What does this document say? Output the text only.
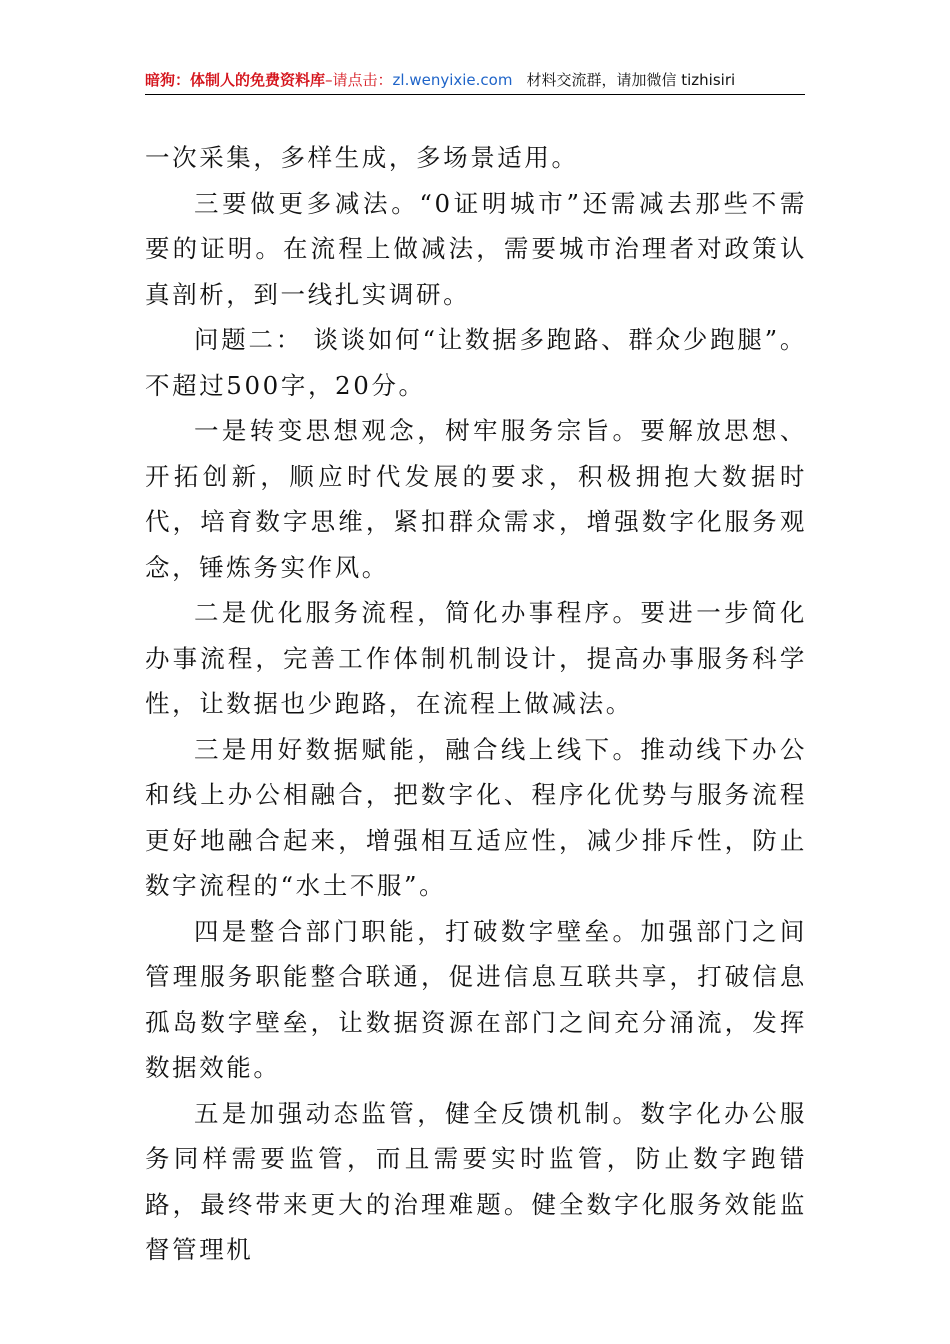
暗狗：体制人的免费资料库–请点击：zl.wenyixie.com 材料交流群，请加微信 tizhisiri

一次采集，多样生成，多场景适用。

三要做更多减法。“0证明城市”还需减去那些不需要的证明。在流程上做减法，需要城市治理者对政策认真剖析，到一线扎实调研。

问题二： 谈谈如何“让数据多跑路、群众少跑腿”。不超过500字，20分。

一是转变思想观念，树牢服务宗旨。要解放思想、开拓创新，顺应时代发展的要求，积极拥抱大数据时代，培育数字思维，紧扣群众需求，增强数字化服务观念，锤炼务实作风。

二是优化服务流程，简化办事程序。要进一步简化办事流程，完善工作体制机制设计，提高办事服务科学性，让数据也少跑路，在流程上做减法。

三是用好数据赋能，融合线上线下。推动线下办公和线上办公相融合，把数字化、程序化优势与服务流程更好地融合起来，增强相互适应性，减少排斥性，防止数字流程的“水土不服”。

四是整合部门职能，打破数字壁垒。加强部门之间管理服务职能整合联通，促进信息互联共享，打破信息孤岛数字壁垒，让数据资源在部门之间充分涌流，发挥数据效能。

五是加强动态监管，健全反馈机制。数字化办公服务同样需要监管，而且需要实时监管，防止数字跑错路，最终带来更大的治理难题。健全数字化服务效能监督管理机
